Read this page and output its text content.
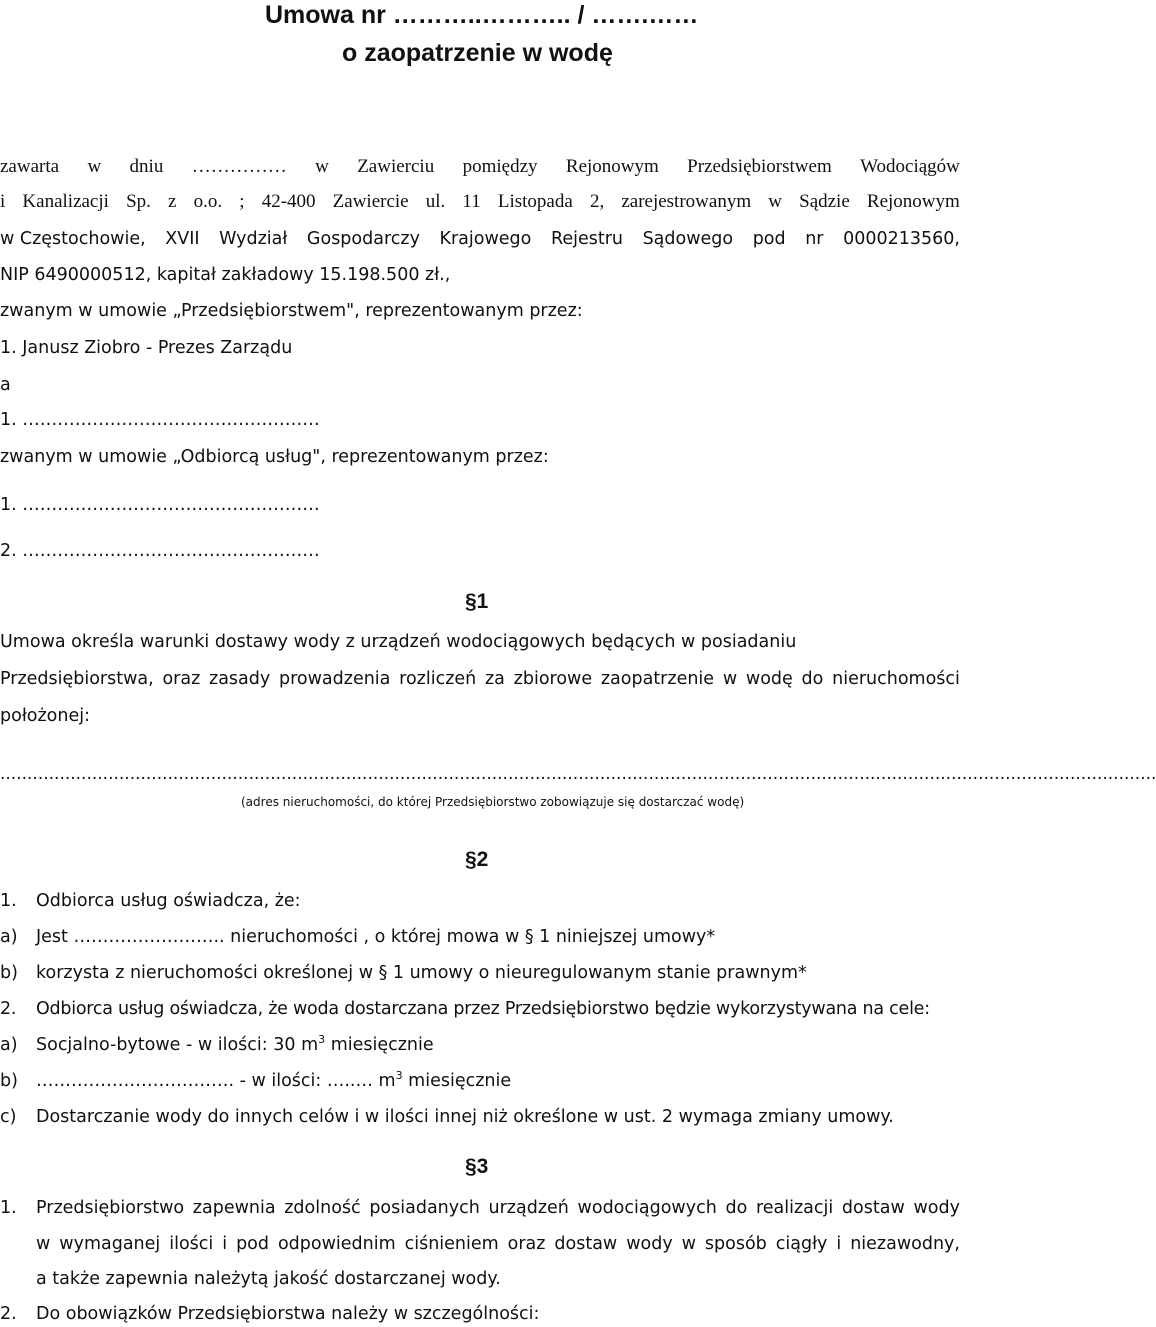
Umowa nr ………..……….. / …….……
o zaopatrzenie w wodę
zawarta w dniu …………… w Zawierciu pomiędzy Rejonowym Przedsiębiorstwem Wodociągów
i Kanalizacji Sp. z o.o. ; 42-400 Zawiercie ul. 11 Listopada 2, zarejestrowanym w Sądzie Rejonowym
w Częstochowie, XVII Wydział Gospodarczy Krajowego Rejestru Sądowego pod nr 0000213560,
NIP 6490000512, kapitał zakładowy 15.198.500 zł.,
zwanym w umowie „Przedsiębiorstwem", reprezentowanym przez:
1. Janusz Ziobro - Prezes Zarządu
a
1. ……………………………………………
zwanym w umowie „Odbiorcą usług", reprezentowanym przez:
1. ……………………………………………
2. ……………………………………………
§1
Umowa określa warunki dostawy wody z urządzeń wodociągowych będących w posiadaniu
Przedsiębiorstwa, oraz zasady prowadzenia rozliczeń za zbiorowe zaopatrzenie w wodę do nieruchomości
położonej:
......................................................................................................................................................................................................................
(adres nieruchomości, do której Przedsiębiorstwo zobowiązuje się dostarczać wodę)
§2
1. Odbiorca usług oświadcza, że:
a) Jest …………………….. nieruchomości , o której mowa w § 1 niniejszej umowy*
b) korzysta z nieruchomości określonej w § 1 umowy o nieuregulowanym stanie prawnym*
2. Odbiorca usług oświadcza, że woda dostarczana przez Przedsiębiorstwo będzie wykorzystywana na cele:
a) Socjalno-bytowe - w ilości: 30 $m^3$ miesięcznie
b) ……………………………. - w ilości: …..… $m^3$ miesięcznie
c) Dostarczanie wody do innych celów i w ilości innej niż określone w ust. 2 wymaga zmiany umowy.
§3
1.	Przedsiębiorstwo zapewnia zdolność posiadanych urządzeń wodociągowych do realizacji dostaw wody
w wymaganej ilości i pod odpowiednim ciśnieniem oraz dostaw wody w sposób ciągły i niezawodny,
a także zapewnia należytą jakość dostarczanej wody.
2. Do obowiązków Przedsiębiorstwa należy w szczególności:
